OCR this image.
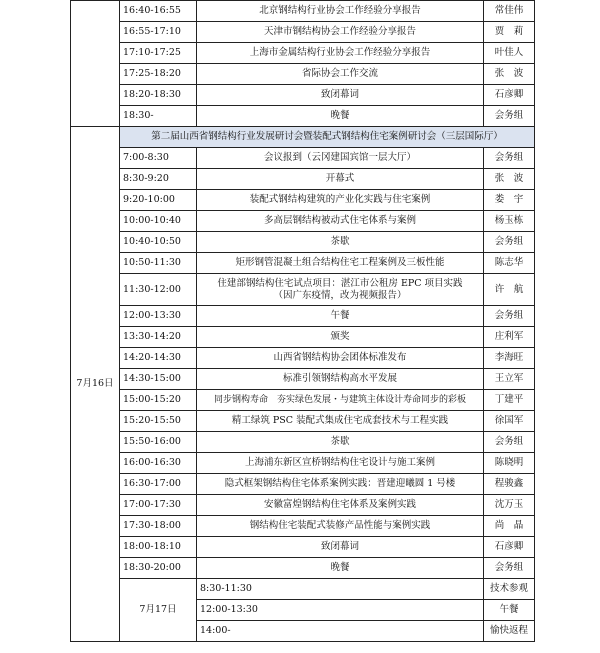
	16:40-16:55	北京钢结构行业协会工作经验分享报告	常佳伟	
	16:55-17:10	天津市钢结构协会工作经验分享报告	贾　莉	
	17:10-17:25	上海市金属结构行业协会工作经验分享报告	叶佳人	
	17:25-18:20	省际协会工作交流	张　波	
	18:20-18:30	致闭幕词	石彦卿	
	18:30-	晚餐	会务组	
7月16日	第二届山西省钢结构行业发展研讨会暨装配式钢结构住宅案例研讨会（三层国际厅）			
	7:00-8:30	会议报到（云冈建国宾馆一层大厅）	会务组	
	8:30-9:20	开幕式	张　波	
	9:20-10:00	装配式钢结构建筑的产业化实践与住宅案例	娄　宇	
	10:00-10:40	多高层钢结构被动式住宅体系与案例	杨玉栋	
	10:40-10:50	茶歇	会务组	
	10:50-11:30	矩形钢管混凝土组合结构住宅工程案例及三板性能	陈志华	
	11:30-12:00	住建部钢结构住宅试点项目：湛江市公租房 EPC 项目实践
（因广东疫情，改为视频报告）	许　航	
	12:00-13:30	午餐	会务组	
	13:30-14:20	颁奖	庄利军	
	14:20-14:30	山西省钢结构协会团体标准发布	李海旺	
	14:30-15:00	标准引领钢结构高水平发展	王立军	
	15:00-15:20	同步钢构寿命　夯实绿色发展・与建筑主体设计寿命同步的彩板	丁建平	
	15:20-15:50	精工绿筑 PSC 装配式集成住宅成套技术与工程实践	徐国军	
	15:50-16:00	茶歇	会务组	
	16:00-16:30	上海浦东新区宣桥钢结构住宅设计与施工案例	陈晓明	
	16:30-17:00	隐式框架钢结构住宅体系案例实践：晋建迎曦圆 1 号楼	程骏鑫	
	17:00-17:30	安徽富煌钢结构住宅体系及案例实践	沈万玉	
	17:30-18:00	钢结构住宅装配式装修产品性能与案例实践	尚　晶	
	18:00-18:10	致闭幕词	石彦卿	
	18:30-20:00	晚餐	会务组	
	7月17日	8:30-11:30	技术参观	
		12:00-13:30	午餐	
		14:00-	愉快返程	
